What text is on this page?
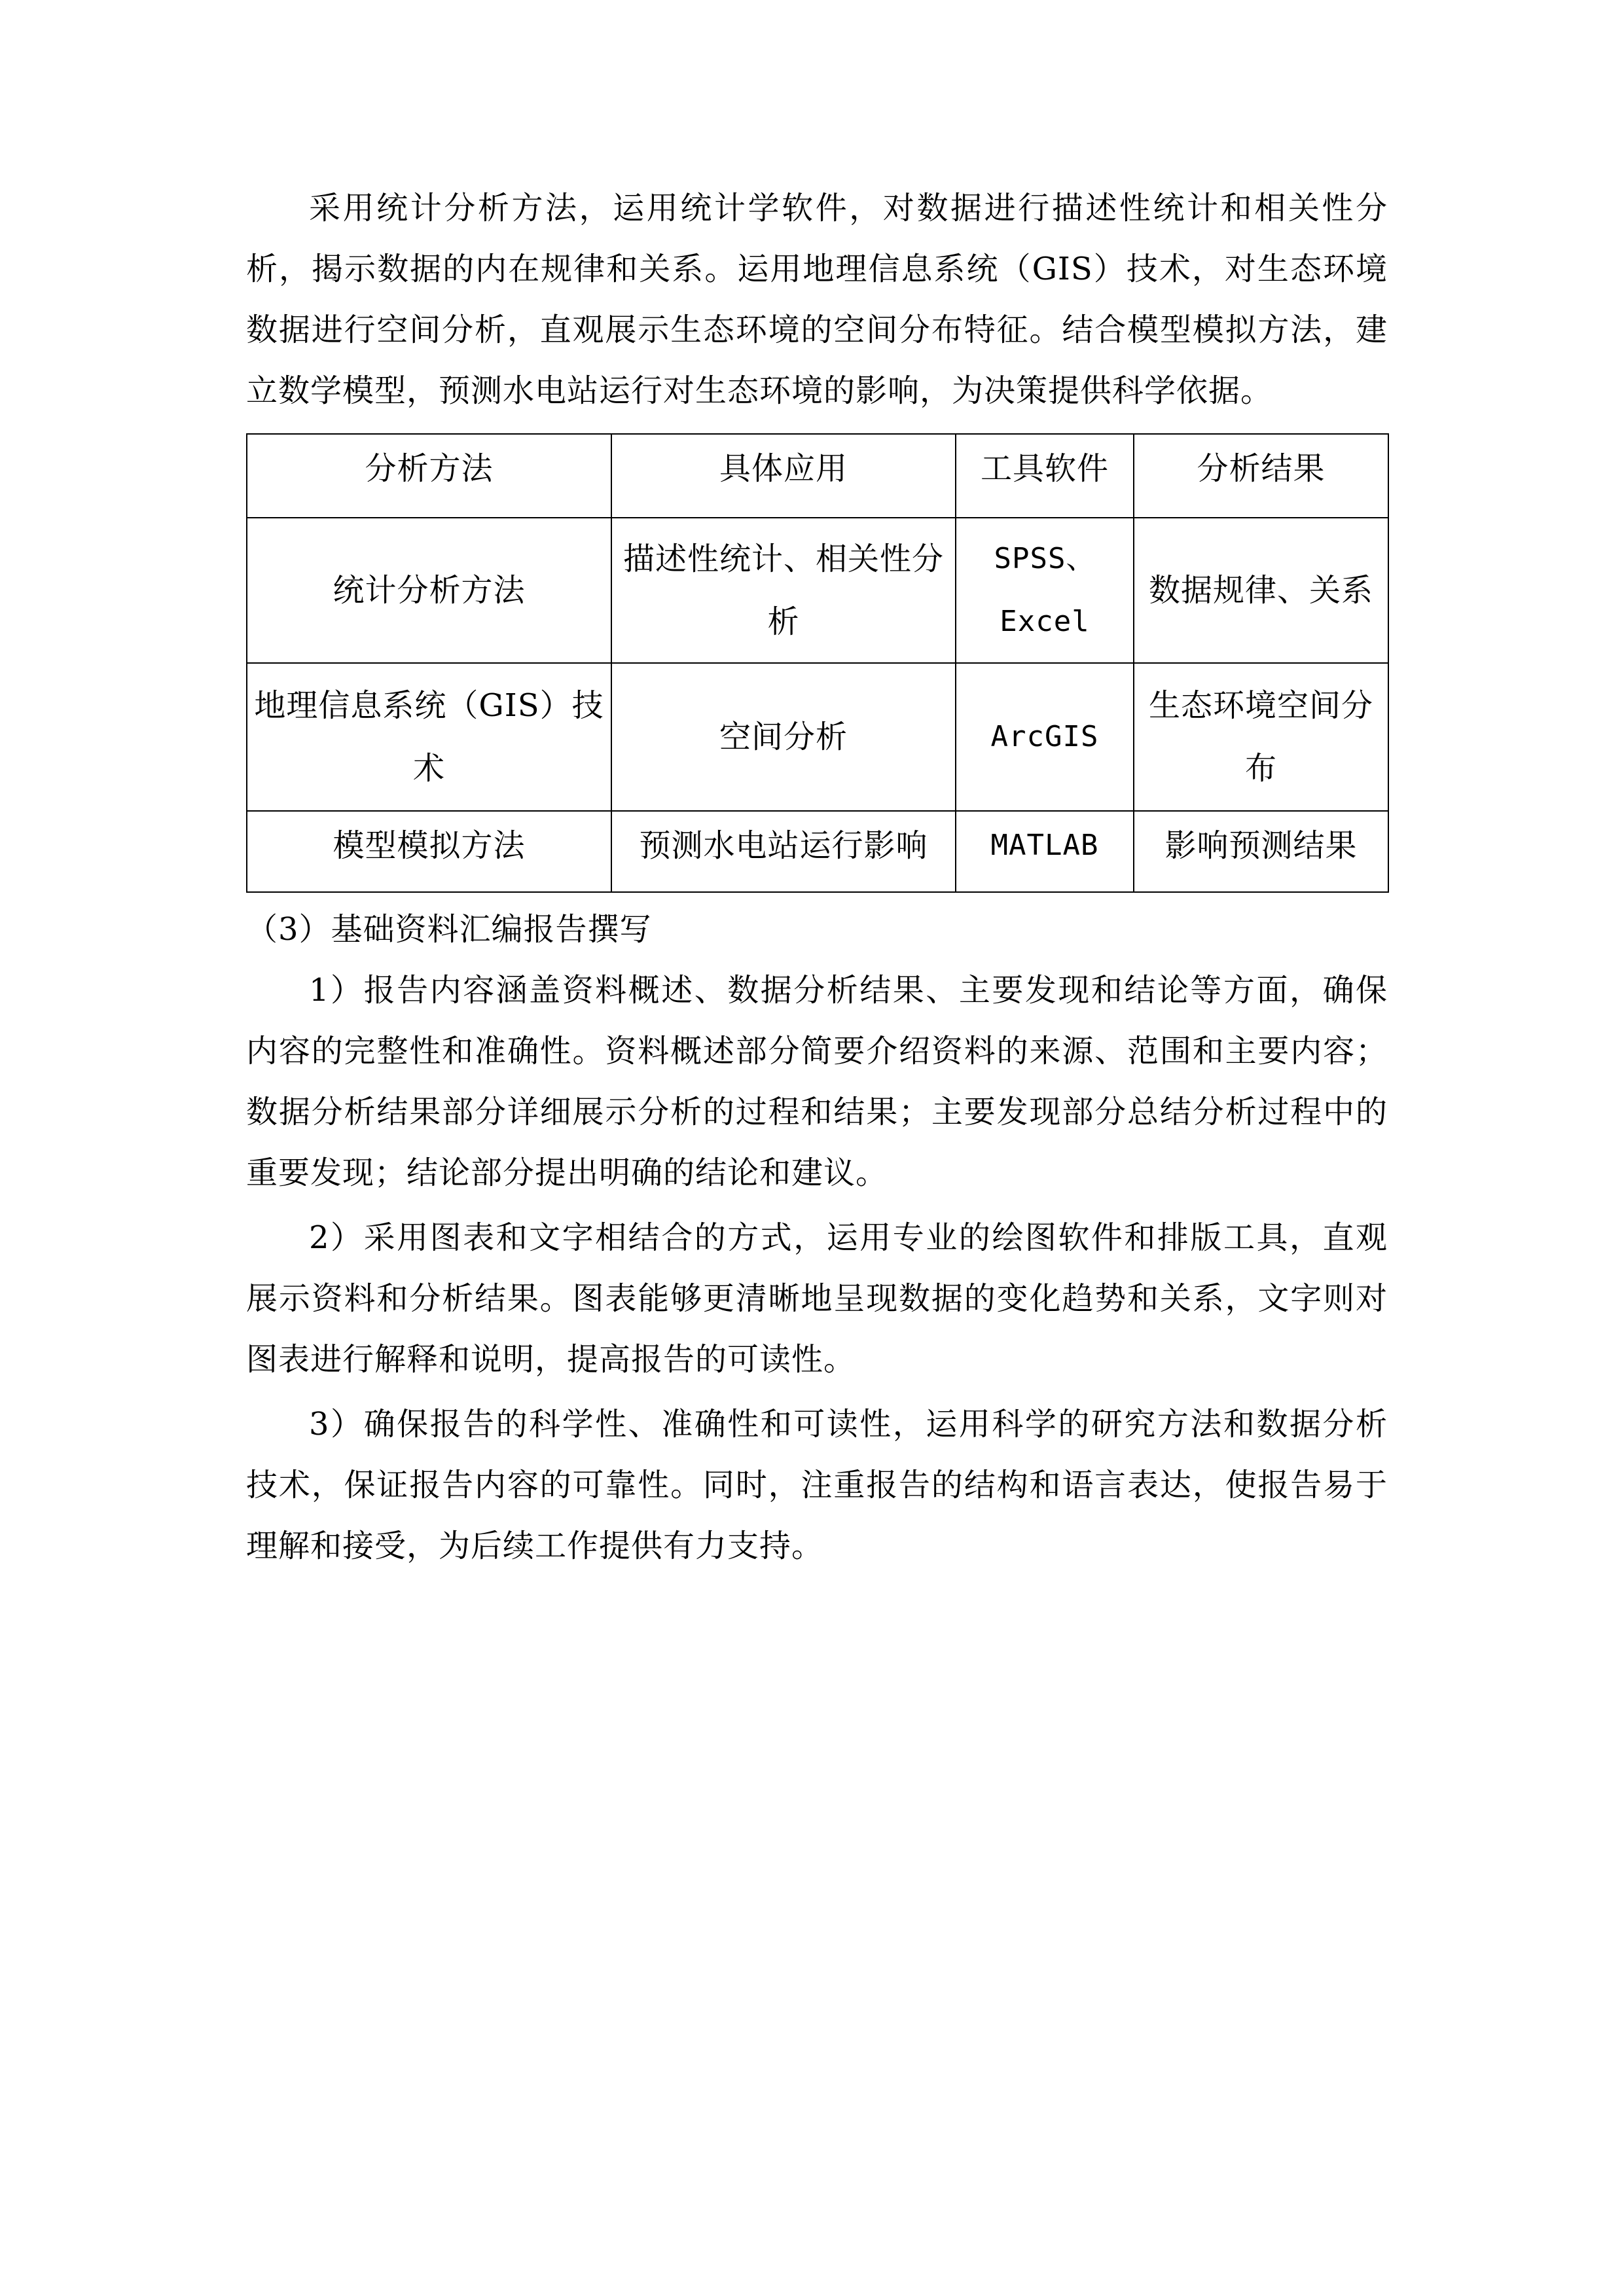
采用统计分析方法，运用统计学软件，对数据进行描述性统计和相关性分析，揭示数据的内在规律和关系。运用地理信息系统（GIS）技术，对生态环境数据进行空间分析，直观展示生态环境的空间分布特征。结合模型模拟方法，建立数学模型，预测水电站运行对生态环境的影响，为决策提供科学依据。

分析方法	具体应用	工具软件	分析结果
统计分析方法	描述性统计、相关性分析	SPSS、Excel	数据规律、关系
地理信息系统（GIS）技术	空间分析	ArcGIS	生态环境空间分布
模型模拟方法	预测水电站运行影响	MATLAB	影响预测结果

（3）基础资料汇编报告撰写

1）报告内容涵盖资料概述、数据分析结果、主要发现和结论等方面，确保内容的完整性和准确性。资料概述部分简要介绍资料的来源、范围和主要内容；数据分析结果部分详细展示分析的过程和结果；主要发现部分总结分析过程中的重要发现；结论部分提出明确的结论和建议。

2）采用图表和文字相结合的方式，运用专业的绘图软件和排版工具，直观展示资料和分析结果。图表能够更清晰地呈现数据的变化趋势和关系，文字则对图表进行解释和说明，提高报告的可读性。

3）确保报告的科学性、准确性和可读性，运用科学的研究方法和数据分析技术，保证报告内容的可靠性。同时，注重报告的结构和语言表达，使报告易于理解和接受，为后续工作提供有力支持。
